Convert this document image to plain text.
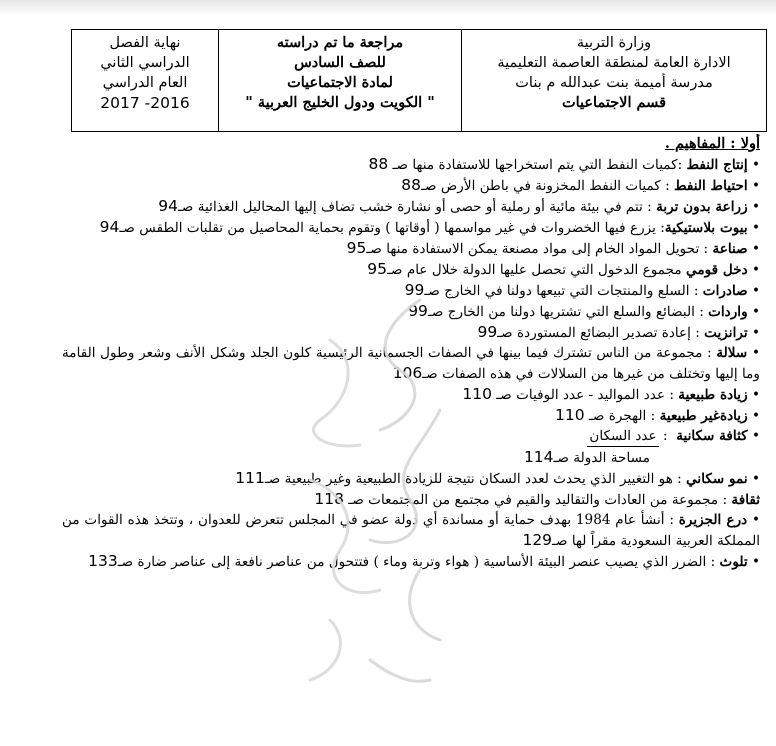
نهاية الفصل
الدراسي الثاني
العام الدراسي
2017 -2016

مراجعة ما تم دراسته
للصف السادس
لمادة الاجتماعيات
" الكويت ودول الخليج العربية "

وزارة التربية
الادارة العامة لمنطقة العاصمة التعليمية
مدرسة أميمة بنت عبدالله م بنات
قسم الاجتماعيات
أولا : المفاهيم .

• إنتاج النفط :كميات النفط التي يتم استخراجها للاستفادة منها صـ 88

• احتياط النفط : كميات النفط المخزونة في باطن الأرض صـ88

• زراعة بدون تربة : تتم في بيئة مائية أو رملية أو حصى أو نشارة خشب تضاف إليها المحاليل الغذائية صـ94

• بيوت بلاستيكية: يزرع فيها الخضروات في غير مواسمها ( أوقاتها ) وتقوم بحماية المحاصيل من تقلبات الطقس صـ94

• صناعة : تحويل المواد الخام إلى مواد مصنعة يمكن الاستفادة منها صـ95

• دخل قومي مجموع الدخول التي تحصل عليها الدولة خلال عام صـ95

• صادرات : السلع والمنتجات التي تبيعها دولنا في الخارج صـ99

• واردات : البضائع والسلع التي تشتريها دولنا من الخارج صـ99

• ترانزيت : إعادة تصدير البضائع المستوردة صـ99

• سلالة : مجموعة من الناس تشترك فيما بينها في الصفات الجسمانية الرئيسية كلون الجلد وشكل الأنف وشعر وطول القامة وما إليها وتختلف من غيرها من السلالات في هذه الصفات صـ106

• زيادة طبيعية : عدد المواليد - عدد الوفيات صـ 110

• زيادةغير طبيعية : الهجرة صـ 110

• كثافة سكانية  : عدد السكان

مساحة الدولة صـ114

• نمو سكاني : هو التغيير الذي يحدث لعدد السكان نتيجة للزيادة الطبيعية وغير طبيعية صـ111

ثقافة : مجموعة من العادات والتقاليد والقيم في مجتمع من المجتمعات صـ 118

• درع الجزيرة : أنشأ عام 1984 بهدف حماية أو مساندة أي دولة عضو في المجلس تتعرض للعدوان ، وتتخذ هذه القوات من المملكة العربية السعودية مقراً لها صـ129

• تلوث : الضرر الذي يصيب عنصر البيئة الأساسية ( هواء وتربة وماء ) فتتحول من عناصر نافعة إلى عناصر ضارة صـ133
